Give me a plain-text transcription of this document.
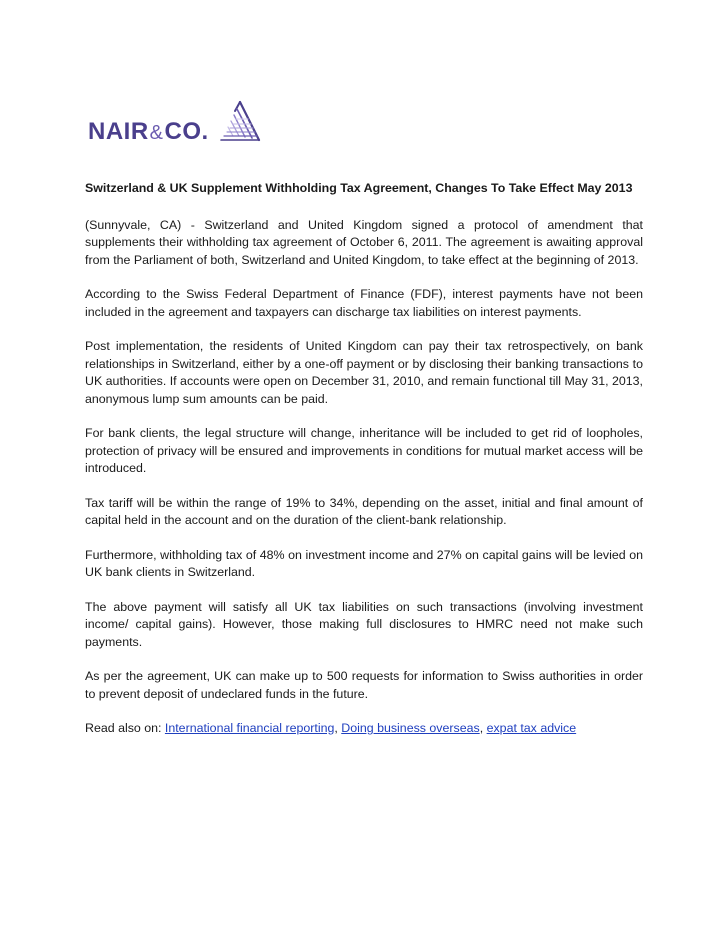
NAIR&CO.

Switzerland & UK Supplement Withholding Tax Agreement, Changes To Take Effect May 2013

(Sunnyvale, CA) - Switzerland and United Kingdom signed a protocol of amendment that supplements their withholding tax agreement of October 6, 2011. The agreement is awaiting approval from the Parliament of both, Switzerland and United Kingdom, to take effect at the beginning of 2013.

According to the Swiss Federal Department of Finance (FDF), interest payments have not been included in the agreement and taxpayers can discharge tax liabilities on interest payments.

Post implementation, the residents of United Kingdom can pay their tax retrospectively, on bank relationships in Switzerland, either by a one-off payment or by disclosing their banking transactions to UK authorities. If accounts were open on December 31, 2010, and remain functional till May 31, 2013, anonymous lump sum amounts can be paid.

For bank clients, the legal structure will change, inheritance will be included to get rid of loopholes, protection of privacy will be ensured and improvements in conditions for mutual market access will be introduced.

Tax tariff will be within the range of 19% to 34%, depending on the asset, initial and final amount of capital held in the account and on the duration of the client-bank relationship.

Furthermore, withholding tax of 48% on investment income and 27% on capital gains will be levied on UK bank clients in Switzerland.

The above payment will satisfy all UK tax liabilities on such transactions (involving investment income/ capital gains). However, those making full disclosures to HMRC need not make such payments.

As per the agreement, UK can make up to 500 requests for information to Swiss authorities in order to prevent deposit of undeclared funds in the future.

Read also on: International financial reporting, Doing business overseas, expat tax advice
